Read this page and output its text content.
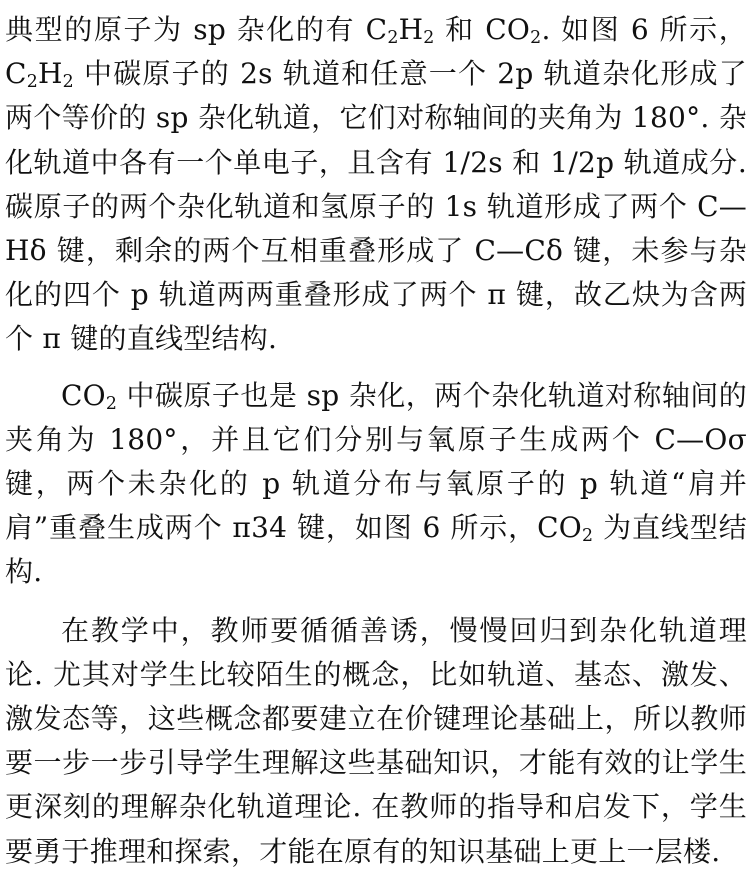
典型的原子为 sp 杂化的有 $C_2H_2$ 和 $CO_2$. 如图 6 所示，$C_2H_2$ 中碳原子的 2s 轨道和任意一个 2p 轨道杂化形成了两个等价的 sp 杂化轨道，它们对称轴间的夹角为 180°. 杂化轨道中各有一个单电子，且含有 1/2s 和 1/2p 轨道成分. 碳原子的两个杂化轨道和氢原子的 1s 轨道形成了两个 C—Hδ 键，剩余的两个互相重叠形成了 C—Cδ 键，未参与杂化的四个 p 轨道两两重叠形成了两个 π 键，故乙炔为含两个 π 键的直线型结构.

$CO_2$ 中碳原子也是 sp 杂化，两个杂化轨道对称轴间的夹角为 180°，并且它们分别与氧原子生成两个 C—Oσ 键，两个未杂化的 p 轨道分布与氧原子的 p 轨道“肩并肩”重叠生成两个 π34 键，如图 6 所示，$CO_2$ 为直线型结构.

在教学中，教师要循循善诱，慢慢回归到杂化轨道理论. 尤其对学生比较陌生的概念，比如轨道、基态、激发、激发态等，这些概念都要建立在价键理论基础上，所以教师要一步一步引导学生理解这些基础知识，才能有效的让学生更深刻的理解杂化轨道理论. 在教师的指导和启发下，学生要勇于推理和探索，才能在原有的知识基础上更上一层楼.
